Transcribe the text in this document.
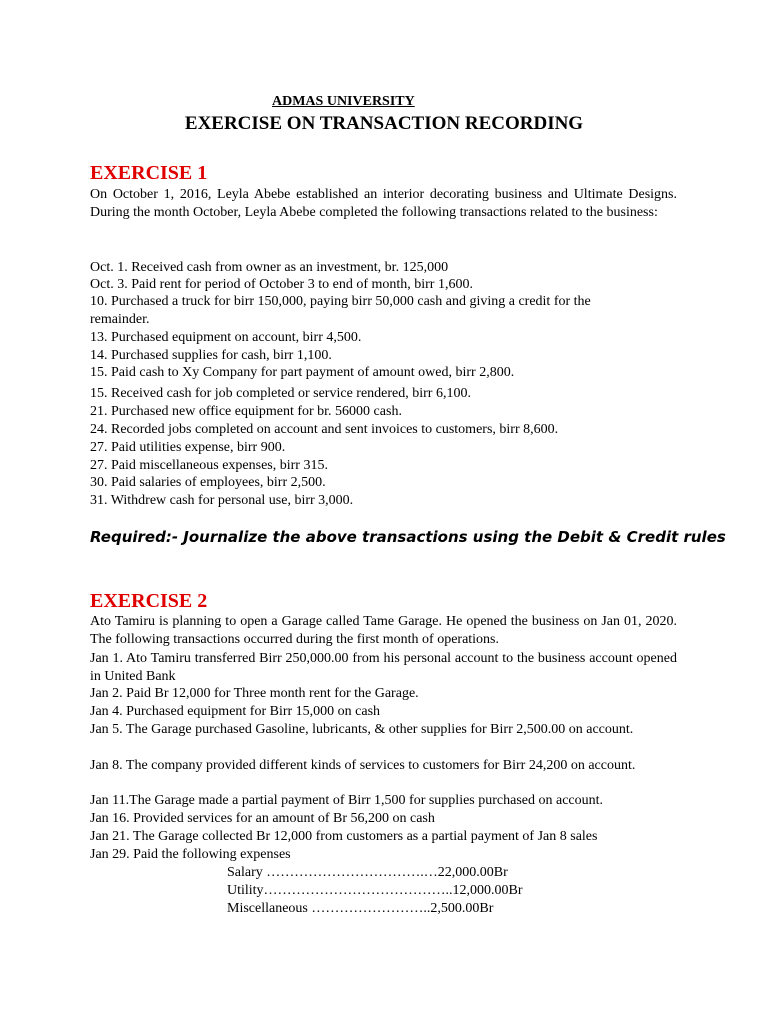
ADMAS UNIVERSITY
EXERCISE ON TRANSACTION RECORDING
EXERCISE 1
On October 1, 2016, Leyla Abebe established an interior decorating business and Ultimate Designs. During the month October, Leyla Abebe completed the following transactions related to the business:
Oct. 1. Received cash from owner as an investment, br. 125,000
Oct. 3. Paid rent for period of October 3 to end of month, birr 1,600.
10. Purchased a truck for birr 150,000, paying birr 50,000 cash and giving a credit for the remainder.
13. Purchased equipment on account, birr 4,500.
14. Purchased supplies for cash, birr 1,100.
15. Paid cash to Xy Company for part payment of amount owed, birr 2,800.
15. Received cash for job completed or service rendered, birr 6,100.
21. Purchased new office equipment for br. 56000 cash.
24. Recorded jobs completed on account and sent invoices to customers, birr 8,600.
27. Paid utilities expense, birr 900.
27. Paid miscellaneous expenses, birr 315.
30. Paid salaries of employees, birr 2,500.
31. Withdrew cash for personal use, birr 3,000.
Required:- Journalize the above transactions using the Debit & Credit rules
EXERCISE 2
Ato Tamiru is planning to open a Garage called Tame Garage. He opened the business on Jan 01, 2020. The following transactions occurred during the first month of operations.
Jan 1. Ato Tamiru transferred Birr 250,000.00 from his personal account to the business account opened in United Bank
Jan 2. Paid Br 12,000 for Three month rent for the Garage.
Jan 4. Purchased equipment for Birr 15,000 on cash
Jan 5. The Garage purchased Gasoline, lubricants, & other supplies for Birr 2,500.00 on account.
Jan 8. The company provided different kinds of services to customers for Birr 24,200 on account.
Jan 11.The Garage made a partial payment of Birr 1,500 for supplies purchased on account.
Jan 16. Provided services for an amount of Br 56,200 on cash
Jan 21. The Garage collected Br 12,000 from customers as a partial payment of Jan 8 sales
Jan 29. Paid the following expenses
Salary …………………………….…22,000.00Br
Utility…………………………………..12,000.00Br
Miscellaneous ……………………..2,500.00Br
